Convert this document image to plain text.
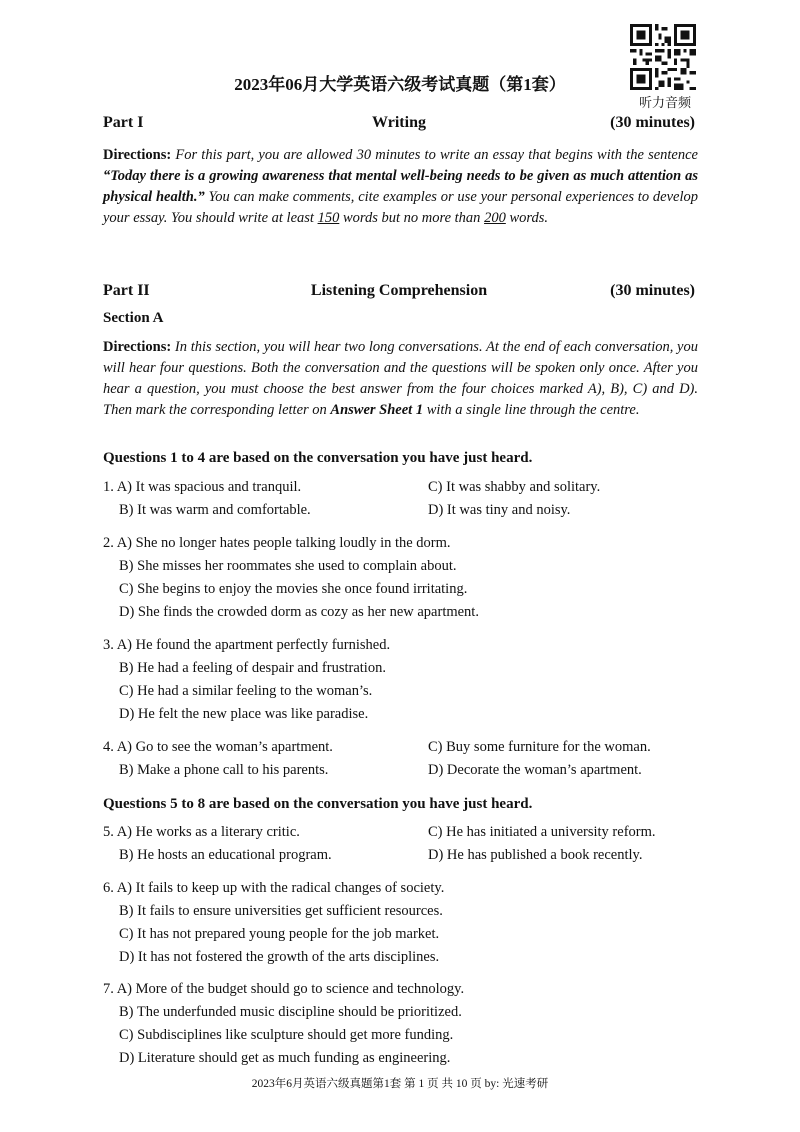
2023年06月大学英语六级考试真题（第1套）
听力音频
Part I	Writing	(30 minutes)
Directions: For this part, you are allowed 30 minutes to write an essay that begins with the sentence “Today there is a growing awareness that mental well-being needs to be given as much attention as physical health.” You can make comments, cite examples or use your personal experiences to develop your essay. You should write at least 150 words but no more than 200 words.
Part II	Listening Comprehension	(30 minutes)
Section A
Directions: In this section, you will hear two long conversations. At the end of each conversation, you will hear four questions. Both the conversation and the questions will be spoken only once. After you hear a question, you must choose the best answer from the four choices marked A), B), C) and D). Then mark the corresponding letter on Answer Sheet 1 with a single line through the centre.
Questions 1 to 4 are based on the conversation you have just heard.
1. A) It was spacious and tranquil.	C) It was shabby and solitary.
B) It was warm and comfortable.	D) It was tiny and noisy.
2. A) She no longer hates people talking loudly in the dorm.
B) She misses her roommates she used to complain about.
C) She begins to enjoy the movies she once found irritating.
D) She finds the crowded dorm as cozy as her new apartment.
3. A) He found the apartment perfectly furnished.
B) He had a feeling of despair and frustration.
C) He had a similar feeling to the woman’s.
D) He felt the new place was like paradise.
4. A) Go to see the woman’s apartment.	C) Buy some furniture for the woman.
B) Make a phone call to his parents.	D) Decorate the woman’s apartment.
Questions 5 to 8 are based on the conversation you have just heard.
5. A) He works as a literary critic.	C) He has initiated a university reform.
B) He hosts an educational program.	D) He has published a book recently.
6. A) It fails to keep up with the radical changes of society.
B) It fails to ensure universities get sufficient resources.
C) It has not prepared young people for the job market.
D) It has not fostered the growth of the arts disciplines.
7. A) More of the budget should go to science and technology.
B) The underfunded music discipline should be prioritized.
C) Subdisciplines like sculpture should get more funding.
D) Literature should get as much funding as engineering.
2023年6月英语六级真题第1套 第 1 页 共 10 页 by: 光速考研
